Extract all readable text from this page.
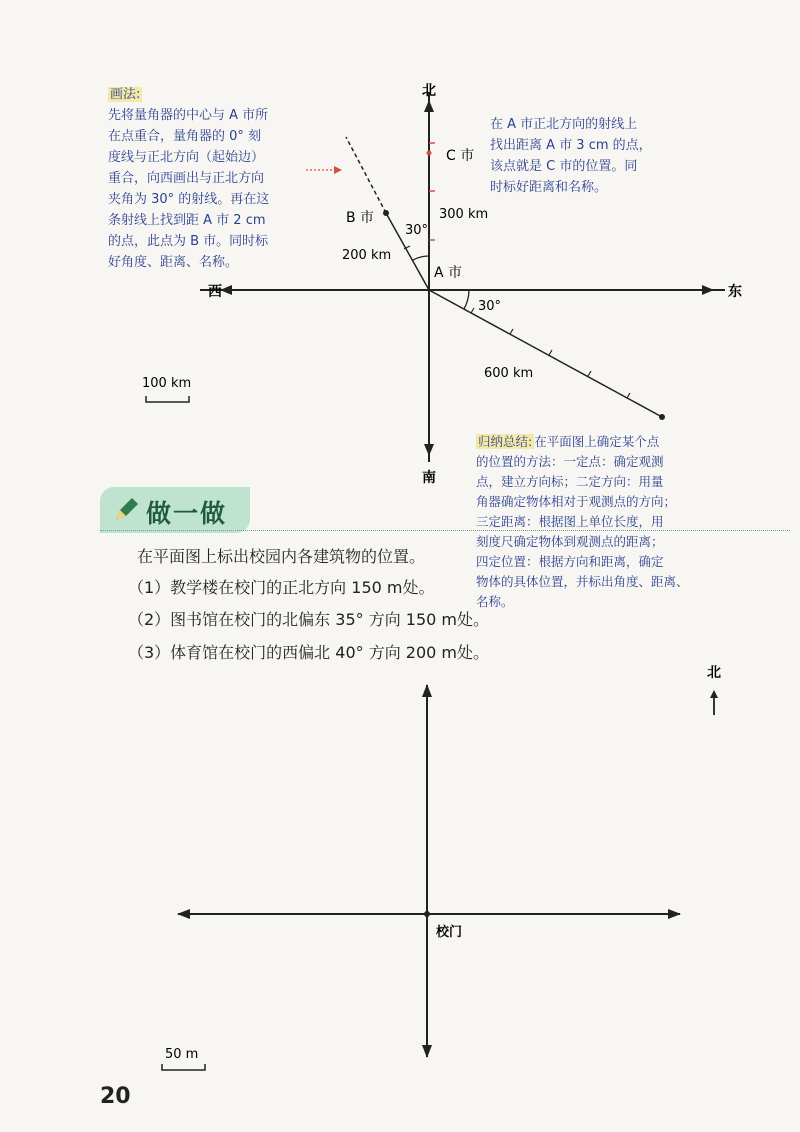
北
南
东
西
A 市
B 市
C 市
300 km
200 km
30°
30°
600 km
100 km
画法:
先将量角器的中心与 A 市所
在点重合，量角器的 0° 刻
度线与正北方向（起始边）
重合，向西画出与正北方向
夹角为 30° 的射线。再在这
条射线上找到距 A 市 2 cm
的点，此点为 B 市。同时标
好角度、距离、名称。
在 A 市正北方向的射线上
找出距离 A 市 3 cm 的点，
该点就是 C 市的位置。同
时标好距离和名称。
归纳总结: 在平面图上确定某个点
的位置的方法：一定点：确定观测
点，建立方向标；二定方向：用量
角器确定物体相对于观测点的方向；
三定距离：根据图上单位长度，用
刻度尺确定物体到观测点的距离；
四定位置：根据方向和距离，确定
物体的具体位置，并标出角度、距离、
名称。
做一做
在平面图上标出校园内各建筑物的位置。
（1）教学楼在校门的正北方向 150 m处。
（2）图书馆在校门的北偏东 35° 方向 150 m处。
（3）体育馆在校门的西偏北 40° 方向 200 m处。
北
校门
50 m
20
